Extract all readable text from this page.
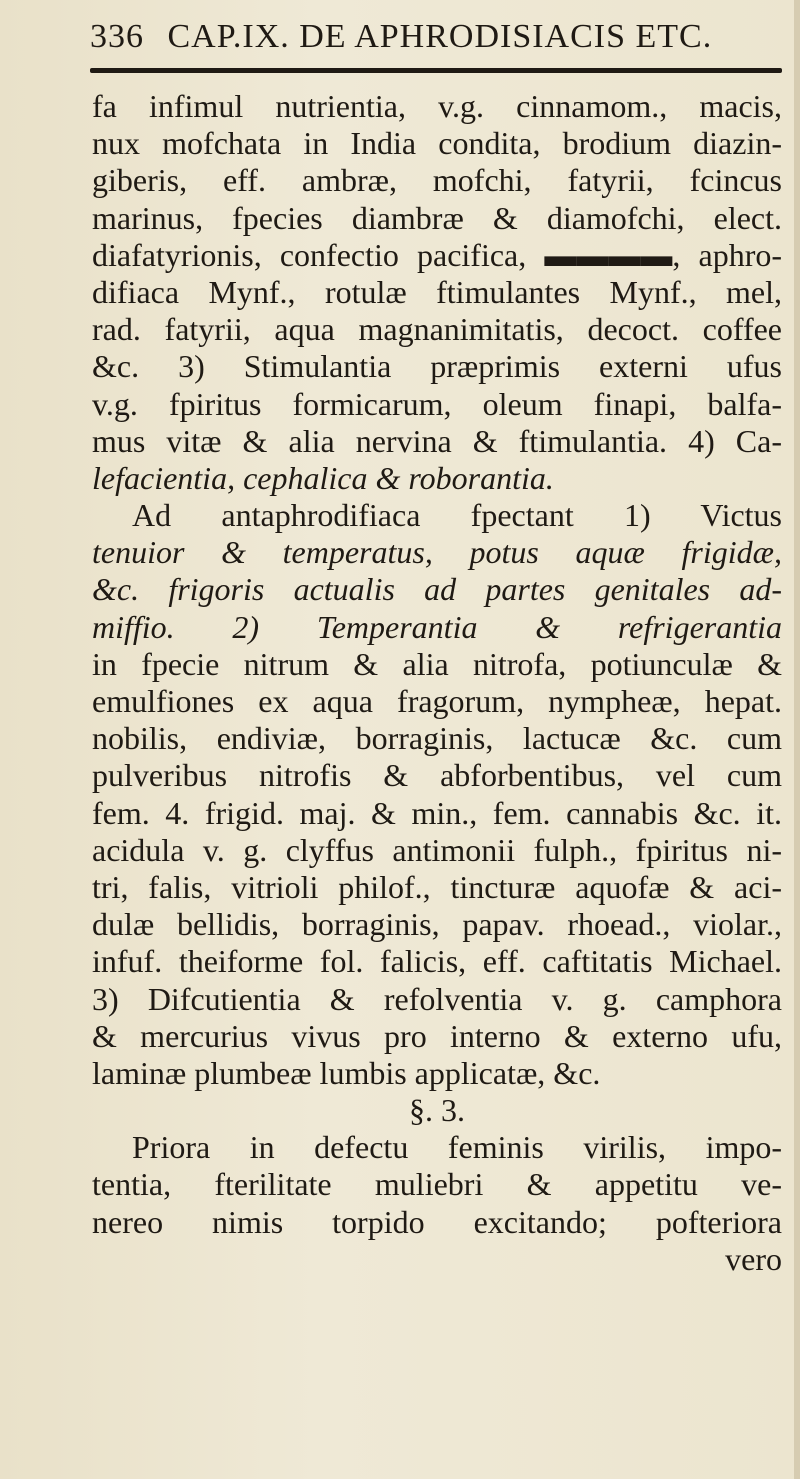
336 CAP.IX. DE APHRODISIACIS ETC.
fa infimul nutrientia, v.g. cinnamom., macis,
nux mofchata in India condita, brodium diazin-
giberis, eff. ambræ, mofchi, fatyrii, fcincus
marinus, fpecies diambræ & diamofchi, elect.
diafatyrionis, confectio pacifica, ▬▬▬▬, aphro-
difiaca Mynf., rotulæ ftimulantes Mynf., mel,
rad. fatyrii, aqua magnanimitatis, decoct. coffee
&c. 3) Stimulantia præprimis externi ufus
v.g. fpiritus formicarum, oleum finapi, balfa-
mus vitæ & alia nervina & ftimulantia. 4) Ca-
lefacientia, cephalica & roborantia.
Ad antaphrodifiaca fpectant 1) Victus
tenuior & temperatus, potus aquæ frigidæ,
&c. frigoris actualis ad partes genitales ad-
miffio. 2) Temperantia & refrigerantia
in fpecie nitrum & alia nitrofa, potiunculæ &
emulfiones ex aqua fragorum, nymphеæ, hepat.
nobilis, endiviæ, borraginis, lactucæ &c. cum
pulveribus nitrofis & abforbentibus, vel cum
fem. 4. frigid. maj. & min., fem. cannabis &c. it.
acidula v. g. clyffus antimonii fulph., fpiritus ni-
tri, falis, vitrioli philof., tincturæ aquofæ & aci-
dulæ bellidis, borraginis, papav. rhoead., violar.,
infuf. theiforme fol. falicis, eff. caftitatis Michael.
3) Difcutientia & refolventia v. g. camphora
& mercurius vivus pro interno & externo ufu,
laminæ plumbeæ lumbis applicatæ, &c.
§. 3.
Priora in defectu feminis virilis, impo-
tentia, fterilitate muliebri & appetitu ve-
nereo nimis torpido excitando; pofteriora
vero
